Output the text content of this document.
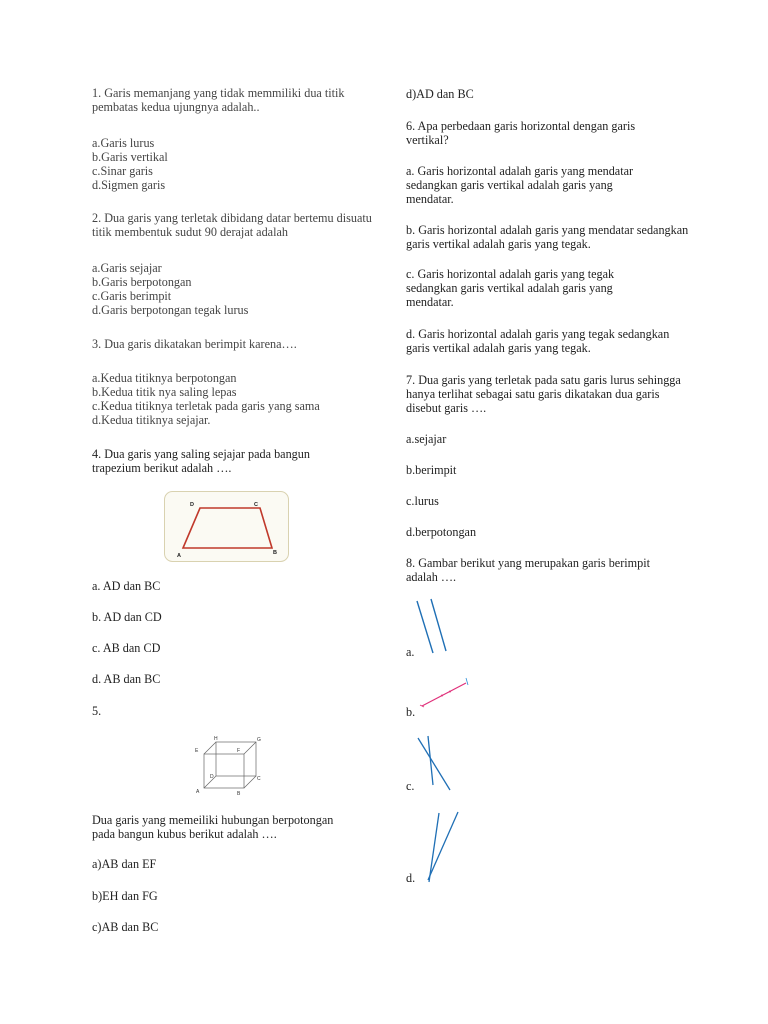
1. Garis memanjang yang tidak memmiliki dua titik pembatas kedua ujungnya adalah..
a.Garis lurus
b.Garis vertikal
c.Sinar garis
d.Sigmen garis
2. Dua garis yang terletak dibidang datar bertemu disuatu titik membentuk sudut 90 derajat adalah
a.Garis sejajar
b.Garis berpotongan
c.Garis berimpit
d.Garis berpotongan tegak lurus
3. Dua garis dikatakan berimpit karena….
a.Kedua titiknya berpotongan
b.Kedua titik nya saling lepas
c.Kedua titiknya terletak pada garis yang sama
d.Kedua titiknya sejajar.
4. Dua garis yang saling sejajar pada bangun trapezium berikut adalah ….
D	C
A	B
a. AD dan BC
b. AD dan CD
c. AB dan CD
d. AB dan BC
5.
H	G
E	F
D	C
A	B
Dua garis yang memeiliki hubungan berpotongan pada bangun kubus berikut adalah ….
a)AB dan EF
b)EH dan FG
c)AB dan BC
d)AD dan BC
6. Apa perbedaan garis horizontal dengan garis vertikal?
a. Garis horizontal adalah garis yang mendatar sedangkan garis vertikal adalah garis yang mendatar.
b. Garis horizontal adalah garis yang mendatar sedangkan garis vertikal adalah garis yang tegak.
c. Garis horizontal adalah garis yang tegak sedangkan garis vertikal adalah garis yang mendatar.
d. Garis horizontal adalah garis yang tegak sedangkan garis vertikal adalah garis yang tegak.
7. Dua garis yang terletak pada satu garis lurus sehingga hanya terlihat sebagai satu garis dikatakan dua garis disebut garis ….
a.sejajar
b.berimpit
c.lurus
d.berpotongan
8. Gambar berikut yang merupakan garis berimpit adalah ….
a.
b.
c.
d.
